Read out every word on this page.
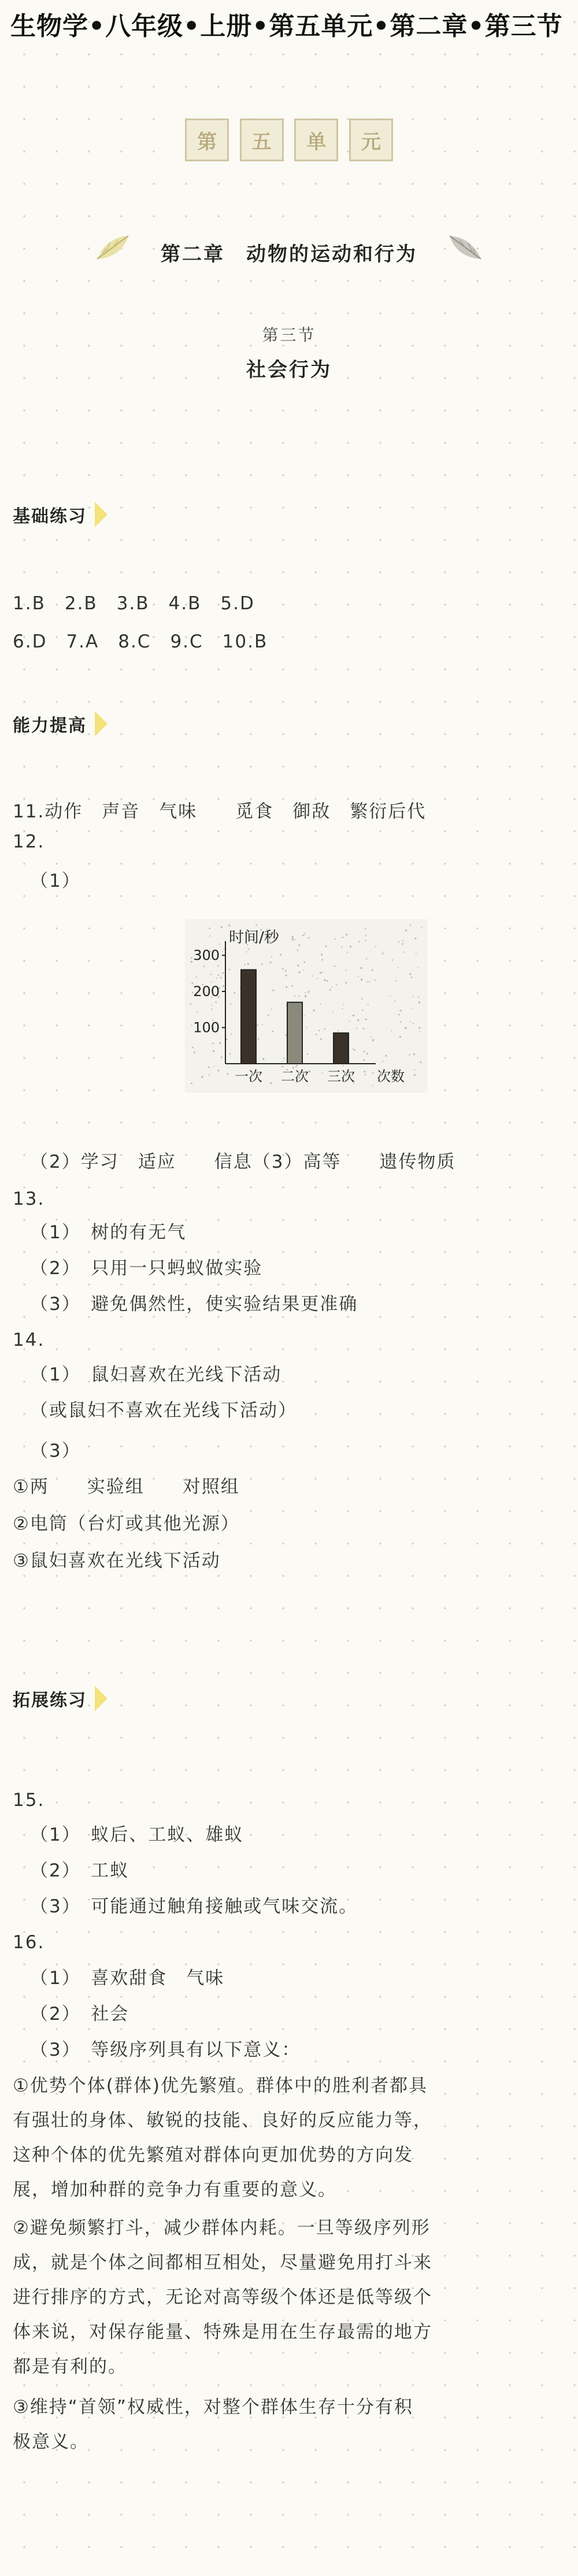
生物学•八年级•上册•第五单元•第二章•第三节
第	五	单	元
第二章　动物的运动和行为
第三节
社会行为
基础练习
1.B　2.B　3.B　4.B　5.D
6.D　7.A　8.C　9.C　10.B
能力提高
11.动作　声音　气味　　觅食　御敌　繁衍后代
12.
（1）
100
200
300
时间/秒
一次 二次 三次 次数
（2）学习　适应　　信息（3）高等　　遗传物质
13.
（1）　树的有无气
（2）　只用一只蚂蚁做实验
（3）　避免偶然性，使实验结果更准确
14.
（1）　鼠妇喜欢在光线下活动
（或鼠妇不喜欢在光线下活动）
（3）
①两　　实验组　　对照组
②电筒（台灯或其他光源）
③鼠妇喜欢在光线下活动
拓展练习
15.
（1）　蚁后、工蚁、雄蚁
（2）　工蚁
（3）　可能通过触角接触或气味交流。
16.
（1）　喜欢甜食　气味
（2）　社会
（3）　等级序列具有以下意义：
①优势个体(群体)优先繁殖。群体中的胜利者都具
有强壮的身体、敏锐的技能、良好的反应能力等，
这种个体的优先繁殖对群体向更加优势的方向发
展，增加种群的竞争力有重要的意义。
②避免频繁打斗，减少群体内耗。一旦等级序列形
成，就是个体之间都相互相处，尽量避免用打斗来
进行排序的方式，无论对高等级个体还是低等级个
体来说，对保存能量、特殊是用在生存最需的地方
都是有利的。
③维持“首领”权威性，对整个群体生存十分有积
极意义。
